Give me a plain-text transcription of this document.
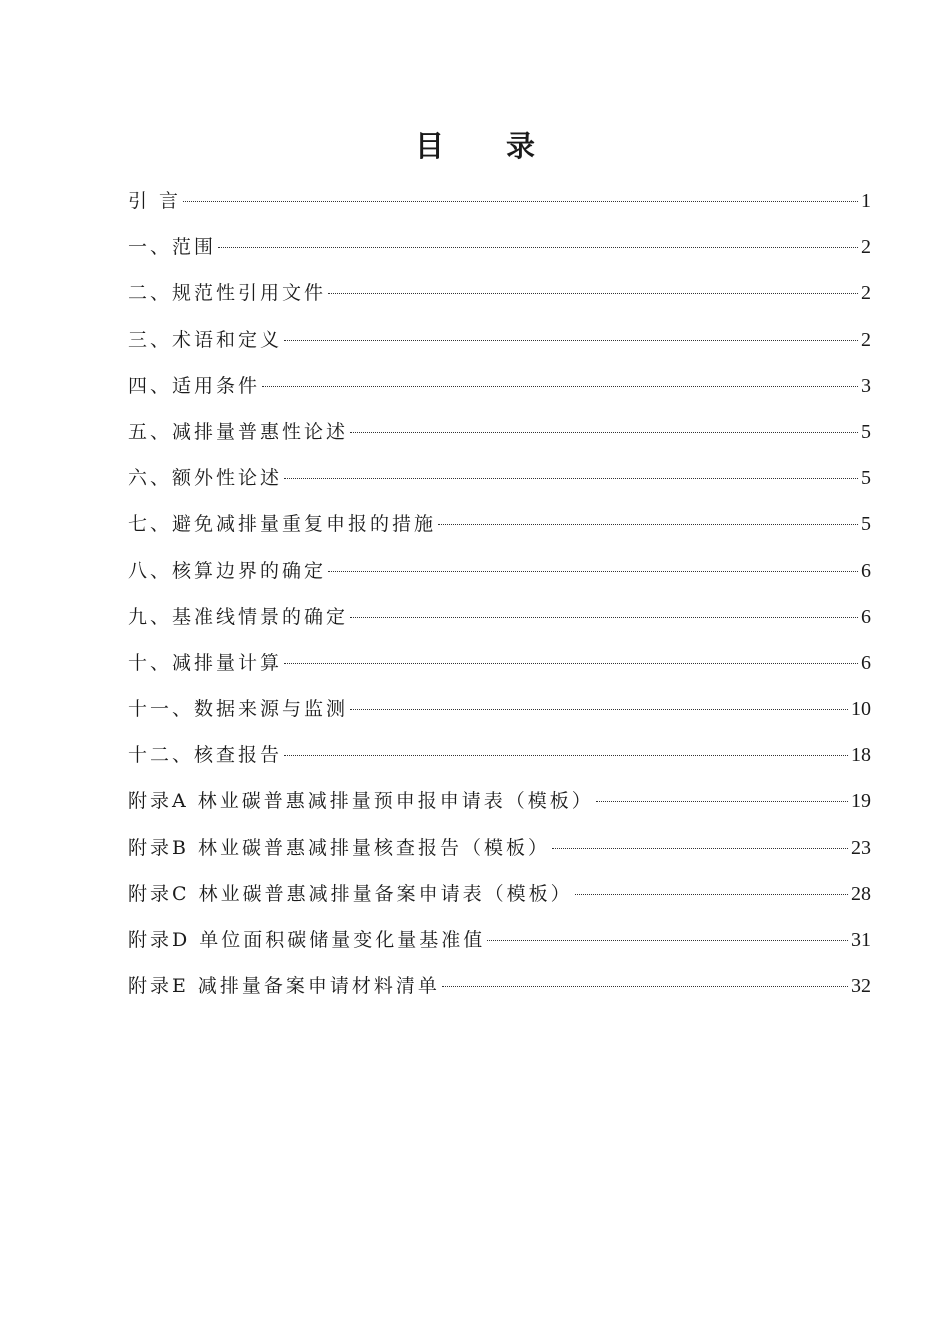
目 录
引 言	1
一、范围	2
二、规范性引用文件	2
三、术语和定义	2
四、适用条件	3
五、减排量普惠性论述	5
六、额外性论述	5
七、避免减排量重复申报的措施	5
八、核算边界的确定	6
九、基准线情景的确定	6
十、减排量计算	6
十一、数据来源与监测	10
十二、核查报告	18
附录A 林业碳普惠减排量预申报申请表（模板）	19
附录B 林业碳普惠减排量核查报告（模板）	23
附录C 林业碳普惠减排量备案申请表（模板）	28
附录D 单位面积碳储量变化量基准值	31
附录E 减排量备案申请材料清单	32
